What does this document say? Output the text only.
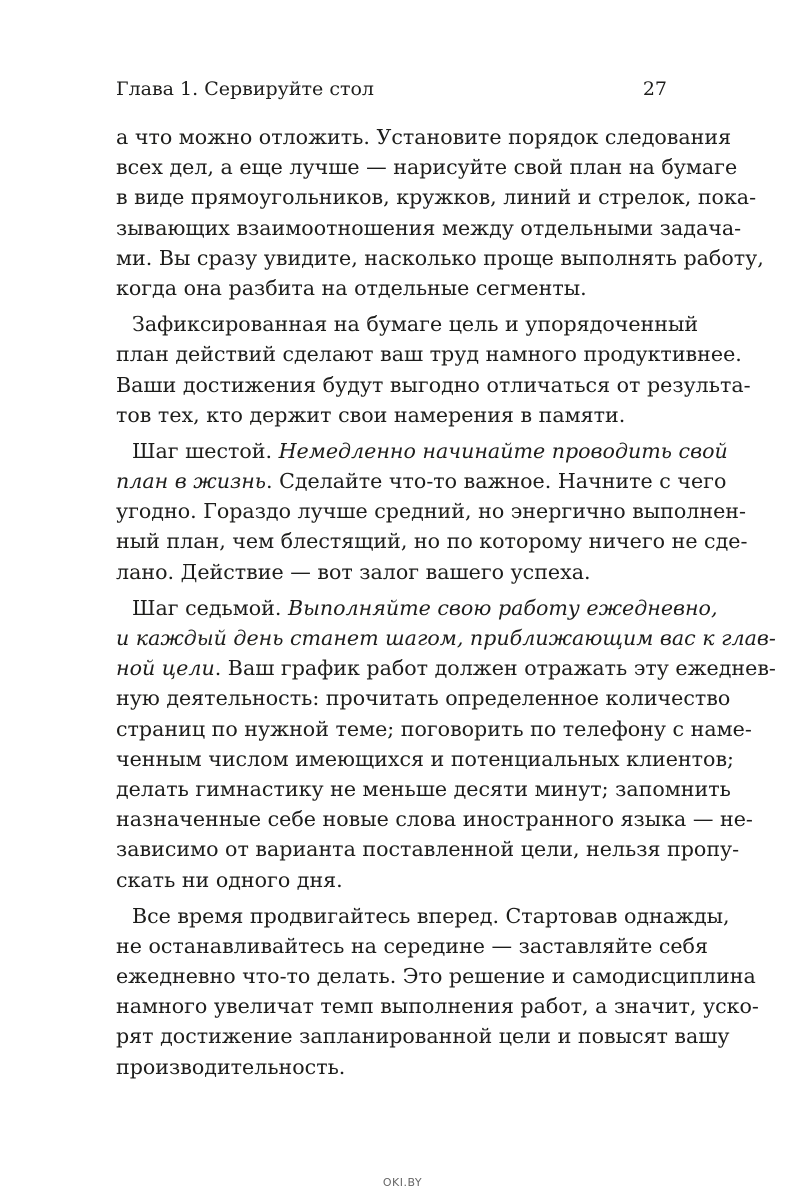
Глава 1. Сервируйте стол	27
а что можно отложить. Установите порядок следования
всех дел, а еще лучше — нарисуйте свой план на бумаге
в виде прямоугольников, кружков, линий и стрелок, пока-
зывающих взаимоотношения между отдельными задача-
ми. Вы сразу увидите, насколько проще выполнять работу,
когда она разбита на отдельные сегменты.
Зафиксированная на бумаге цель и упорядоченный
план действий сделают ваш труд намного продуктивнее.
Ваши достижения будут выгодно отличаться от результа-
тов тех, кто держит свои намерения в памяти.
Шаг шестой. Немедленно начинайте проводить свой
план в жизнь. Сделайте что-то важное. Начните с чего
угодно. Гораздо лучше средний, но энергично выполнен-
ный план, чем блестящий, но по которому ничего не сде-
лано. Действие — вот залог вашего успеха.
Шаг седьмой. Выполняйте свою работу ежедневно,
и каждый день станет шагом, приближающим вас к глав-
ной цели. Ваш график работ должен отражать эту ежеднев-
ную деятельность: прочитать определенное количество
страниц по нужной теме; поговорить по телефону с наме-
ченным числом имеющихся и потенциальных клиентов;
делать гимнастику не меньше десяти минут; запомнить
назначенные себе новые слова иностранного языка — не-
зависимо от варианта поставленной цели, нельзя пропу-
скать ни одного дня.
Все время продвигайтесь вперед. Стартовав однажды,
не останавливайтесь на середине — заставляйте себя
ежедневно что-то делать. Это решение и самодисциплина
намного увеличат темп выполнения работ, а значит, уско-
рят достижение запланированной цели и повысят вашу
производительность.
OKI.BY
